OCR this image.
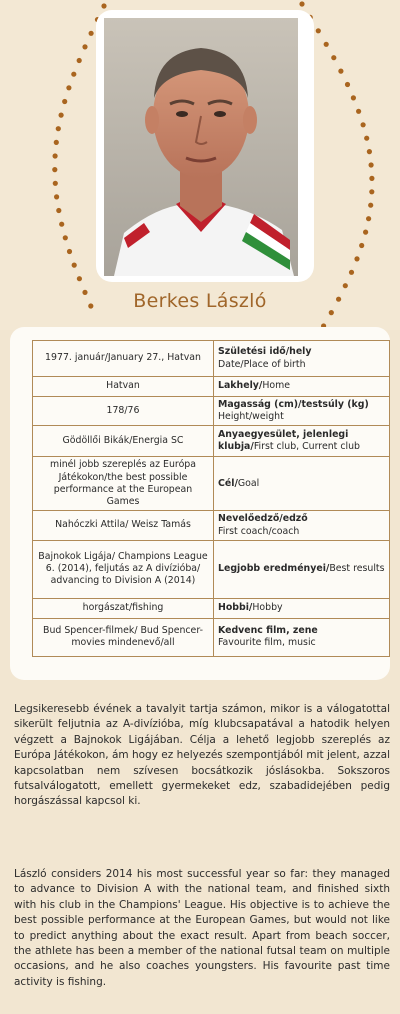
Berkes László
1977. január/January 27., Hatvan	Születési idő/hely
Date/Place of birth
Hatvan	Lakhely/Home
178/76	Magasság (cm)/testsúly (kg)
Height/weight
Gödöllői Bikák/Energia SC	Anyaegyesület, jelenlegi klubja/First club, Current club
minél jobb szereplés az Európa Játékokon/the best possible performance at the European Games	Cél/Goal
Nahóczki Attila/ Weisz Tamás	Nevelőedző/edző
First coach/coach
Bajnokok Ligája/ Champions League 6. (2014), feljutás az A divízióba/ advancing to Division A (2014)	Legjobb eredményei/Best results
horgászat/fishing	Hobbi/Hobby
Bud Spencer-filmek/ Bud Spencer-movies mindenevő/all	Kedvenc film, zene
Favourite film, music
Legsikeresebb évének a tavalyit tartja számon, mikor is a válogatottal sikerült feljutnia az A-divízióba, míg klubcsapatával a hatodik helyen végzett a Bajnokok Ligájában. Célja a lehető legjobb szereplés az Európa Játékokon, ám hogy ez helyezés szempontjából mit jelent, azzal kapcsolatban nem szívesen bocsátkozik jóslásokba. Sokszoros futsalválogatott, emellett gyermekeket edz, szabadidejében pedig horgászással kapcsol ki.
László considers 2014 his most successful year so far: they managed to advance to Division A with the national team, and finished sixth with his club in the Champions' League. His objective is to achieve the best possible performance at the European Games, but would not like to predict anything about the exact result. Apart from beach soccer, the athlete has been a member of the national futsal team on multiple occasions, and he also coaches youngsters. His favourite past time activity is fishing.
